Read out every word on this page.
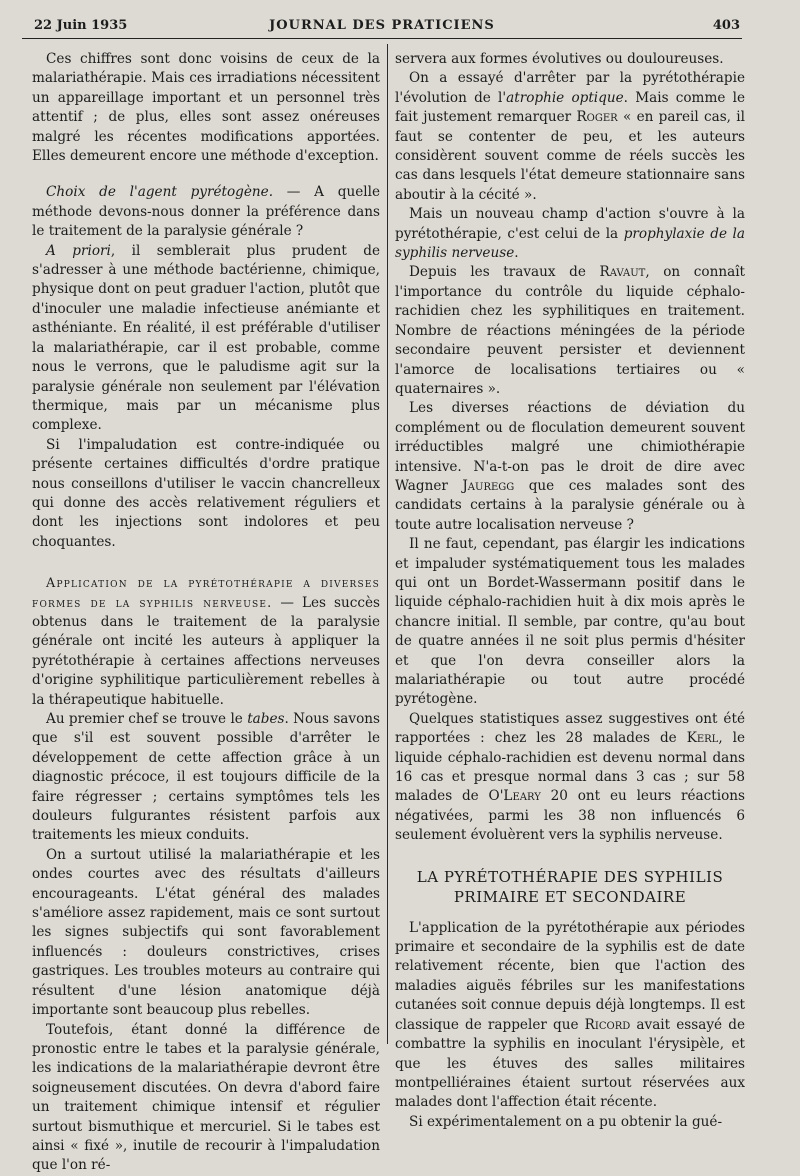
22 Juin 1935	JOURNAL DES PRATICIENS	403

Ces chiffres sont donc voisins de ceux de la malariathérapie. Mais ces irradiations nécessitent un appareillage important et un personnel très attentif ; de plus, elles sont assez onéreuses malgré les récentes modifications apportées. Elles demeurent encore une méthode d'exception.

Choix de l'agent pyrétogène. — A quelle méthode devons-nous donner la préférence dans le traitement de la paralysie générale ?

A priori, il semblerait plus prudent de s'adresser à une méthode bactérienne, chimique, physique dont on peut graduer l'action, plutôt que d'inoculer une maladie infectieuse anémiante et asthéniante. En réalité, il est préférable d'utiliser la malariathérapie, car il est probable, comme nous le verrons, que le paludisme agit sur la paralysie générale non seulement par l'élévation thermique, mais par un mécanisme plus complexe.

Si l'impaludation est contre-indiquée ou présente certaines difficultés d'ordre pratique nous conseillons d'utiliser le vaccin chancrelleux qui donne des accès relativement réguliers et dont les injections sont indolores et peu choquantes.

Application de la pyrétothérapie a diverses formes de la syphilis nerveuse. — Les succès obtenus dans le traitement de la paralysie générale ont incité les auteurs à appliquer la pyrétothérapie à certaines affections nerveuses d'origine syphilitique particulièrement rebelles à la thérapeutique habituelle.

Au premier chef se trouve le tabes. Nous savons que s'il est souvent possible d'arrêter le développement de cette affection grâce à un diagnostic précoce, il est toujours difficile de la faire régresser ; certains symptômes tels les douleurs fulgurantes résistent parfois aux traitements les mieux conduits.

On a surtout utilisé la malariathérapie et les ondes courtes avec des résultats d'ailleurs encourageants. L'état général des malades s'améliore assez rapidement, mais ce sont surtout les signes subjectifs qui sont favorablement influencés : douleurs constrictives, crises gastriques. Les troubles moteurs au contraire qui résultent d'une lésion anatomique déjà importante sont beaucoup plus rebelles.

Toutefois, étant donné la différence de pronostic entre le tabes et la paralysie générale, les indications de la malariathérapie devront être soigneusement discutées. On devra d'abord faire un traitement chimique intensif et régulier surtout bismuthique et mercuriel. Si le tabes est ainsi « fixé », inutile de recourir à l'impaludation que l'on ré-

servera aux formes évolutives ou douloureuses.

On a essayé d'arrêter par la pyrétothérapie l'évolution de l'atrophie optique. Mais comme le fait justement remarquer Roger « en pareil cas, il faut se contenter de peu, et les auteurs considèrent souvent comme de réels succès les cas dans lesquels l'état demeure stationnaire sans aboutir à la cécité ».

Mais un nouveau champ d'action s'ouvre à la pyrétothérapie, c'est celui de la prophylaxie de la syphilis nerveuse.

Depuis les travaux de Ravaut, on connaît l'importance du contrôle du liquide céphalo-rachidien chez les syphilitiques en traitement. Nombre de réactions méningées de la période secondaire peuvent persister et deviennent l'amorce de localisations tertiaires ou « quaternaires ».

Les diverses réactions de déviation du complément ou de floculation demeurent souvent irréductibles malgré une chimiothérapie intensive. N'a-t-on pas le droit de dire avec Wagner Jauregg que ces malades sont des candidats certains à la paralysie générale ou à toute autre localisation nerveuse ?

Il ne faut, cependant, pas élargir les indications et impaluder systématiquement tous les malades qui ont un Bordet-Wassermann positif dans le liquide céphalo-rachidien huit à dix mois après le chancre initial. Il semble, par contre, qu'au bout de quatre années il ne soit plus permis d'hésiter et que l'on devra conseiller alors la malariathérapie ou tout autre procédé pyrétogène.

Quelques statistiques assez suggestives ont été rapportées : chez les 28 malades de Kerl, le liquide céphalo-rachidien est devenu normal dans 16 cas et presque normal dans 3 cas ; sur 58 malades de O'Leary 20 ont eu leurs réactions négativées, parmi les 38 non influencés 6 seulement évoluèrent vers la syphilis nerveuse.

LA PYRÉTOTHÉRAPIE DES SYPHILIS
PRIMAIRE ET SECONDAIRE

L'application de la pyrétothérapie aux périodes primaire et secondaire de la syphilis est de date relativement récente, bien que l'action des maladies aiguës fébriles sur les manifestations cutanées soit connue depuis déjà longtemps. Il est classique de rappeler que Ricord avait essayé de combattre la syphilis en inoculant l'érysipèle, et que les étuves des salles militaires montpelliéraines étaient surtout réservées aux malades dont l'affection était récente.

Si expérimentalement on a pu obtenir la gué-
